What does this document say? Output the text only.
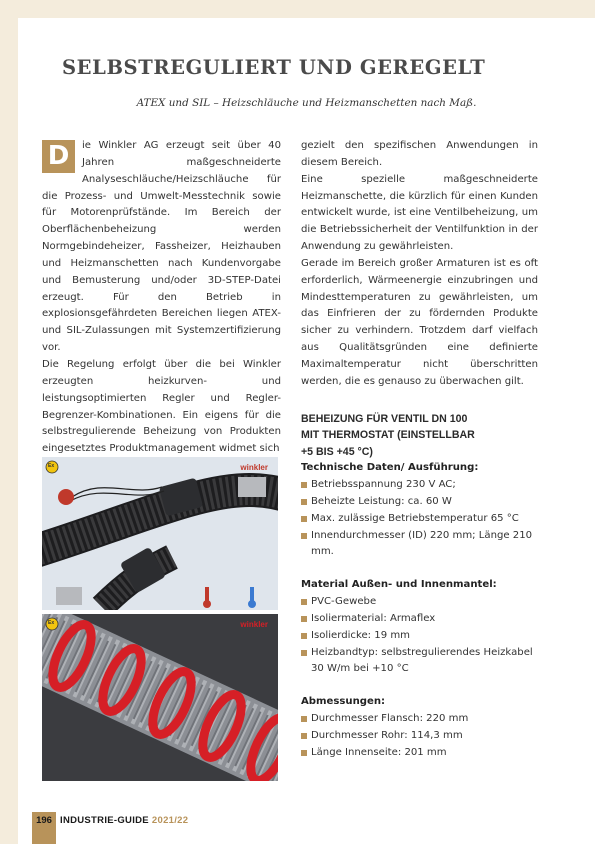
SELBSTREGULIERT UND GEREGELT
ATEX und SIL – Heizschläuche und Heizmanschetten nach Maß.
D	ie Winkler AG erzeugt seit über 40 Jahren maßgeschneiderte Analyseschläuche/Heizschläuche für die Prozess- und Umwelt-Messtechnik sowie für Motorenprüfstände. Im Bereich der Oberflächenbeheizung werden Normgebindeheizer, Fassheizer, Heizhauben und Heizmanschetten nach Kundenvorgabe und Bemusterung und/oder 3D-STEP-Datei erzeugt. Für den Betrieb in explosionsgefährdeten Bereichen liegen ATEX- und SIL-Zulassungen mit Systemzertifizierung vor.

Die Regelung erfolgt über die bei Winkler erzeugten heizkurven- und leistungsoptimierten Regler und Regler-Begrenzer-Kombinationen. Ein eigens für die selbstregulierende Beheizung von Produkten eingesetztes Produktmanagement widmet sich

gezielt den spezifischen Anwendungen in diesem Bereich.

Eine spezielle maßgeschneiderte Heizmanschette, die kürzlich für einen Kunden entwickelt wurde, ist eine Ventilbeheizung, um die Betriebssicherheit der Ventilfunktion in der Anwendung zu gewährleisten.

Gerade im Bereich großer Armaturen ist es oft erforderlich, Wärmeenergie einzubringen und Mindesttemperaturen zu gewährleisten, um das Einfrieren der zu fördernden Produkte sicher zu verhindern. Trotzdem darf vielfach aus Qualitätsgründen eine definierte Maximaltemperatur nicht überschritten werden, die es genauso zu überwachen gilt.

BEHEIZUNG FÜR VENTIL DN 100
MIT THERMOSTAT (EINSTELLBAR
+5 BIS +45 °C)
Technische Daten/ Ausführung:
Betriebsspannung 230 V AC;
Beheizte Leistung: ca. 60 W
Max. zulässige Betriebstemperatur 65 °C
Innendurchmesser (ID) 220 mm; Länge 210 mm.
Material Außen- und Innenmantel:
PVC-Gewebe
Isoliermaterial: Armaflex
Isolierdicke: 19 mm
Heizbandtyp: selbstregulierendes Heizkabel 30 W/m bei +10 °C
Abmessungen:
Durchmesser Flansch: 220 mm
Durchmesser Rohr: 114,3 mm
Länge Innenseite: 201 mm
winkler
Ex
winkler
Ex
196 INDUSTRIE-GUIDE 2021/22
